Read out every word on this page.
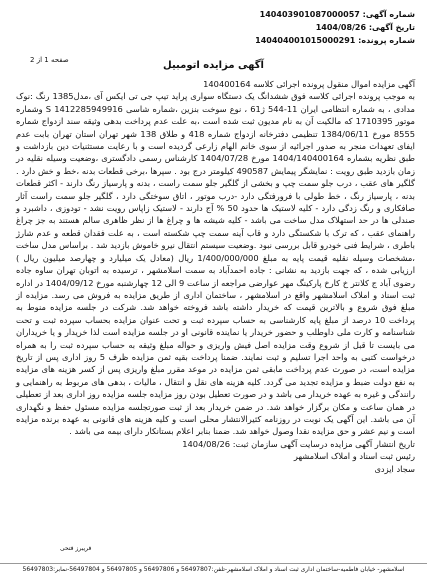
شماره آگهی: 140403901087000057
تاریخ آگهی: 1404/08/26
شماره پرونده: 140404001015000291
صفحه 1 از 2	آگهی مزایده اتومبیل

آگهی مزایده اموال منقول پرونده اجرائی کلاسه 140400164

به موجب پرونده اجرائی کلاسه فوق ششدانگ یک دستگاه سواری پراید تیپ جی تی ایکس آی ،مدل1385 رنگ :نوک مدادی ، به شماره انتظامی ایران 11-544 ژ61 ، نوع سوخت بنزین ،شماره شاسی S 1412285949916 وشماره موتور 1710395 که مالکیت آن به نام مدیون ثبت شده است ،به علت عدم پرداخت بدهی وثیقه سند ازدواج شماره 8555 مورخ 1384/06/11 تنظیمی دفترخانه ازدواج شماره 418 و طلاق 138 شهر تهران استان تهران بابت عدم ایفای تعهدات منجر به صدور اجرائیه از سوی خانم الهام زارعی گردیده است و با رعایت مستثنیات دین بازداشت و طبق نظریه بشماره 1404/140400164 مورخ 1404/07/28 کارشناس رسمی دادگستری ،وضعیت وسیله نقلیه در زمان بازدید طبق رویت : نمایشگر پیمایش 490587 کیلومتر درج بود . سپرها ،برخی قطعات بدنه ،خط و خش دارد . گلگیر های عقب ، درب جلو سمت چپ و بخشی از گلگیر جلو سمت راست ، بدنه و پارسیاز رنگ دارند - اکثر قطعات بدنه ، پارسیاز رنگ ، خط طولی با فرورفتگی دارد -درب موتور ، اتاق سوختگی دارد ، گلگیر جلو سمت راست آثار صافکاری و رنگ زدگی دارد - کلیه لاستیک ها حدود 50 % آج دارند - لاستیک زاپاس رویت نشد - تودوزی ، داشبرد و صندلی ها در حد استهلاک مدل ساخت می باشد - کلیه شیشه ها و چراغ ها از نظر ظاهری سالم هستند به جز چراغ راهنمای عقب ، که ترک با شکستگی دارد و قاب آینه سمت چپ شکسته است ، به علت فقدان قطعه و عدم شارژ باطری ، شرایط فنی خودرو قابل بررسی نبود .وضعیت سیستم انتقال نیرو خاموش بازدید شد . براساس مدل ساخت ،مشخصات وسیله نقلیه قیمت پایه به مبلغ 1/400/000/000 ریال (معادل یک میلیارد و چهارصد میلیون ریال ) ارزیابی شده ، که جهت بازدید به نشانی : جاده احمدآباد به سمت اسلامشهر ، ترسیده به اتوبان تهران ساوه جاده رضوی آباد ج کلانتر خ کارخ پارکینگ مهر عوارضی مراجعه از ساعت 9 الی 12 چهارشنبه مورخ 1404/09/12 در اداره ثبت اسناد و املاک اسلامشهر واقع در اسلامشهر ، ساختمان اداری از طریق مزایده به فروش می رسد. مزایده از مبلغ فوق شروع و بالاترین قیمت که خریدار داشته باشد فروخته خواهد شد. شرکت در جلسه مزایده منوط به پرداخت 10 درصد از مبلغ پایه کارشناسی به حساب سپرده ثبت و تحت عنوان مزایده بحساب سپرده ثبت و تحت شناسنامه و کارت ملی داوطلب و حضور خریدار یا نماینده قانونی او در جلسه مزایده است لذا خریدار و یا خریداران می بایست تا قبل از شروع وقت مزایده اصل فیش واریزی و حواله مبلغ وثیقه به حساب سپرده ثبت را به همراه درخواست کتبی به واحد اجرا تسلیم و ثبت نمایند. ضمنا پرداخت بقیه ثمن مزایده ظرف 5 روز اداری پس از تاریخ مزایده است، در صورت عدم پرداخت مابقی ثمن مزایده در موعد مقرر مبلغ واریزی پس از کسر هزینه های مزایده به نفع دولت ضبط و مزایده تجدید می گردد. کلیه هزینه های نقل و انتقال ، مالیات ، بدهی های مربوط به راهنمایی و رانندگی و غیره به عهده خریدار می باشد و در صورت تعطیل بودن روز مزایده جلسه مزایده روز اداری بعد از تعطیلی در همان ساعت و مکان برگزار خواهد شد. در ضمن خریدار بعد از ثبت صورتجلسه مزایده مسئول حفظ و نگهداری آن می باشد. این آگهی یک نوبت در روزنامه کثیرالانتشار محلی است و کلیه هزینه های قانونی به عهده برنده مزایده است و نیم عشر و حق مزایده نقدا وصول خواهد شد. ضمنا بنابر اعلام بستانکار دارای بیمه می باشد .

تاریخ انتشار آگهی مزایده درسایت آگهی سازمان ثبت: 1404/08/26

رئیس ثبت اسناد و املاک اسلامشهر

سجاد ایزدی

فریبرز فتحی
اسلامشهر- خیابان فاطمیه-ساختمان اداری ثبت اسناد و املاک اسلامشهر-تلفن:56497807 و 56497806 و 56497805 و 56497804-نمابر:56497803
